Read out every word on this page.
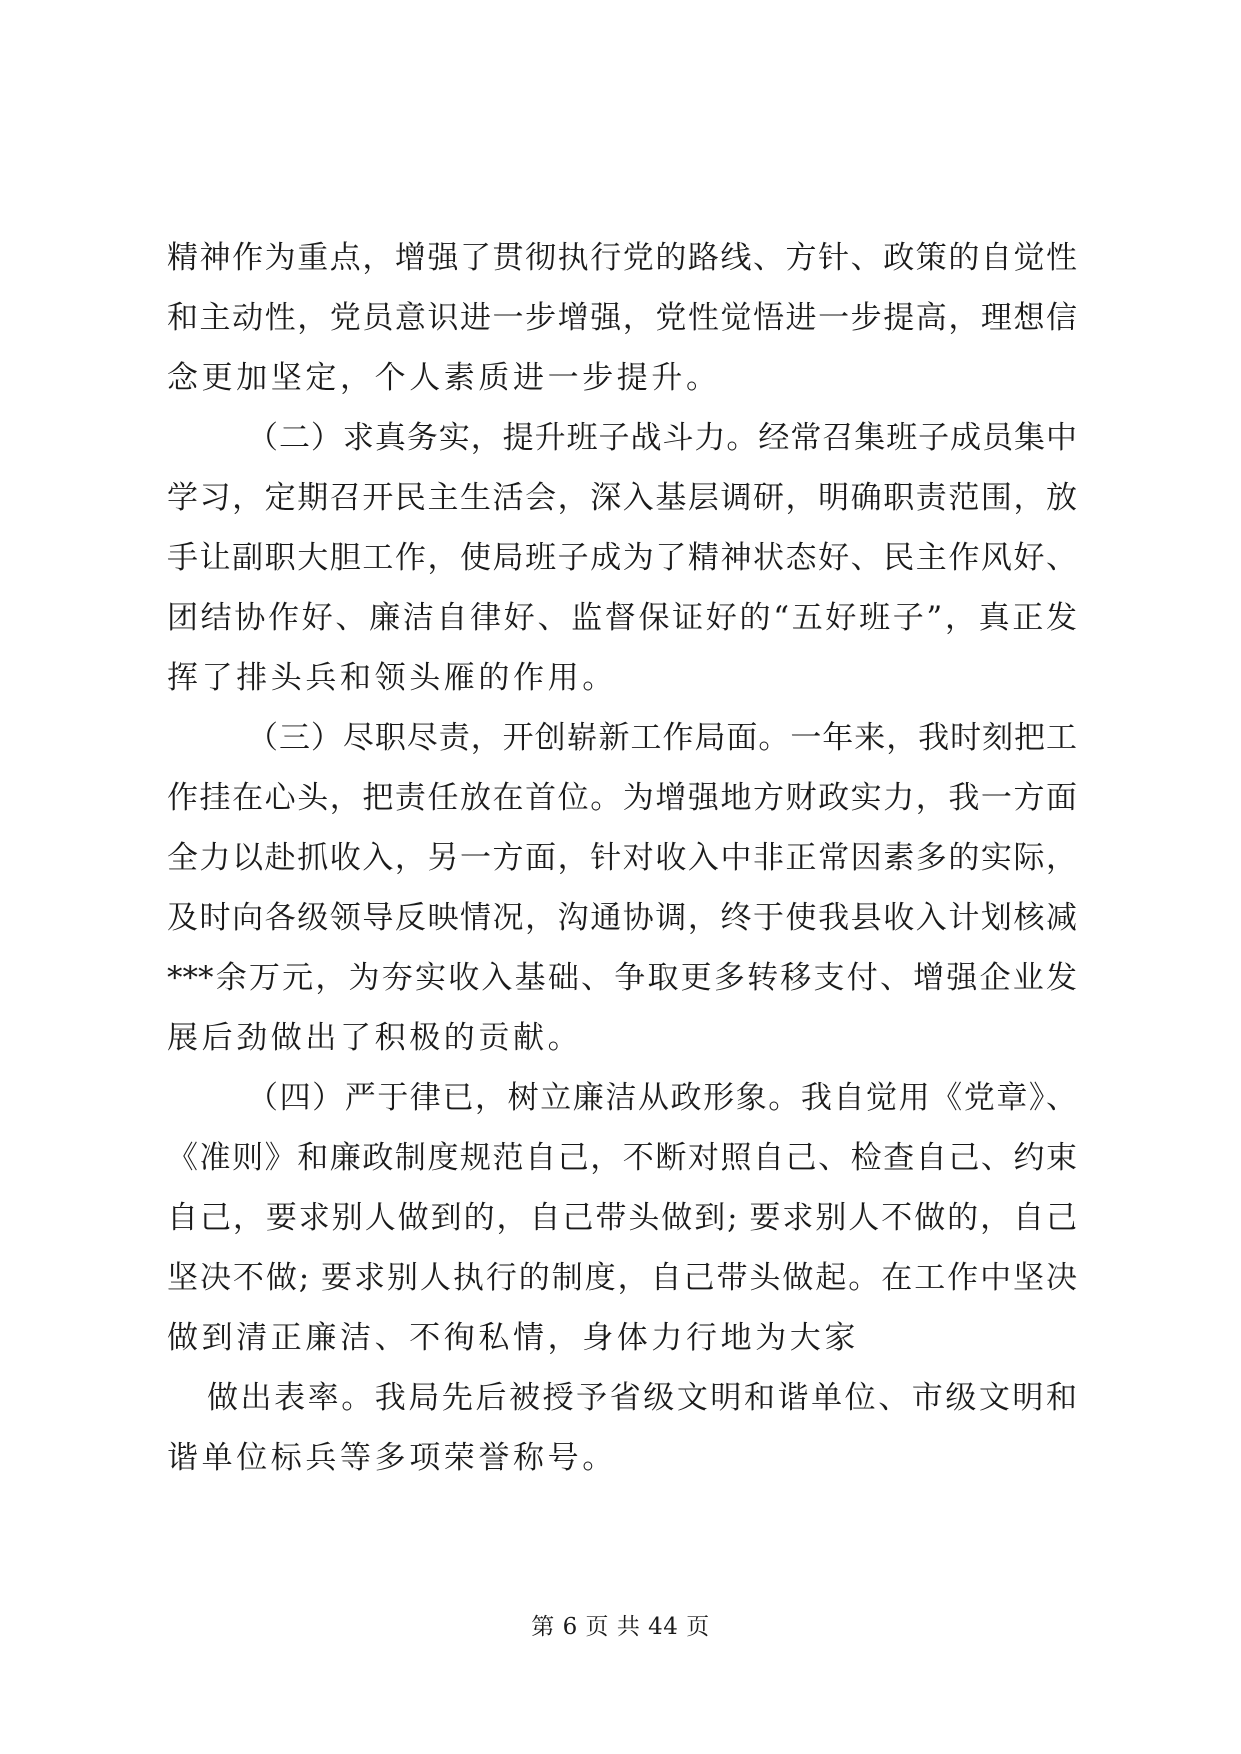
精神作为重点，增强了贯彻执行党的路线、方针、政策的自觉性
和主动性，党员意识进一步增强，党性觉悟进一步提高，理想信
念更加坚定，个人素质进一步提升。
（二）求真务实，提升班子战斗力。经常召集班子成员集中
学习，定期召开民主生活会，深入基层调研，明确职责范围，放
手让副职大胆工作，使局班子成为了精神状态好、民主作风好、
团结协作好、廉洁自律好、监督保证好的“五好班子”，真正发
挥了排头兵和领头雁的作用。
（三）尽职尽责，开创崭新工作局面。一年来，我时刻把工
作挂在心头，把责任放在首位。为增强地方财政实力，我一方面
全力以赴抓收入，另一方面，针对收入中非正常因素多的实际，
及时向各级领导反映情况，沟通协调，终于使我县收入计划核减
***余万元，为夯实收入基础、争取更多转移支付、增强企业发
展后劲做出了积极的贡献。
（四）严于律已，树立廉洁从政形象。我自觉用《党章》、
《准则》和廉政制度规范自己，不断对照自己、检查自己、约束
自己，要求别人做到的，自己带头做到; 要求别人不做的，自己
坚决不做; 要求别人执行的制度，自己带头做起。在工作中坚决
做到清正廉洁、不徇私情，身体力行地为大家
做出表率。我局先后被授予省级文明和谐单位、市级文明和
谐单位标兵等多项荣誉称号。
第 6 页 共 44 页
